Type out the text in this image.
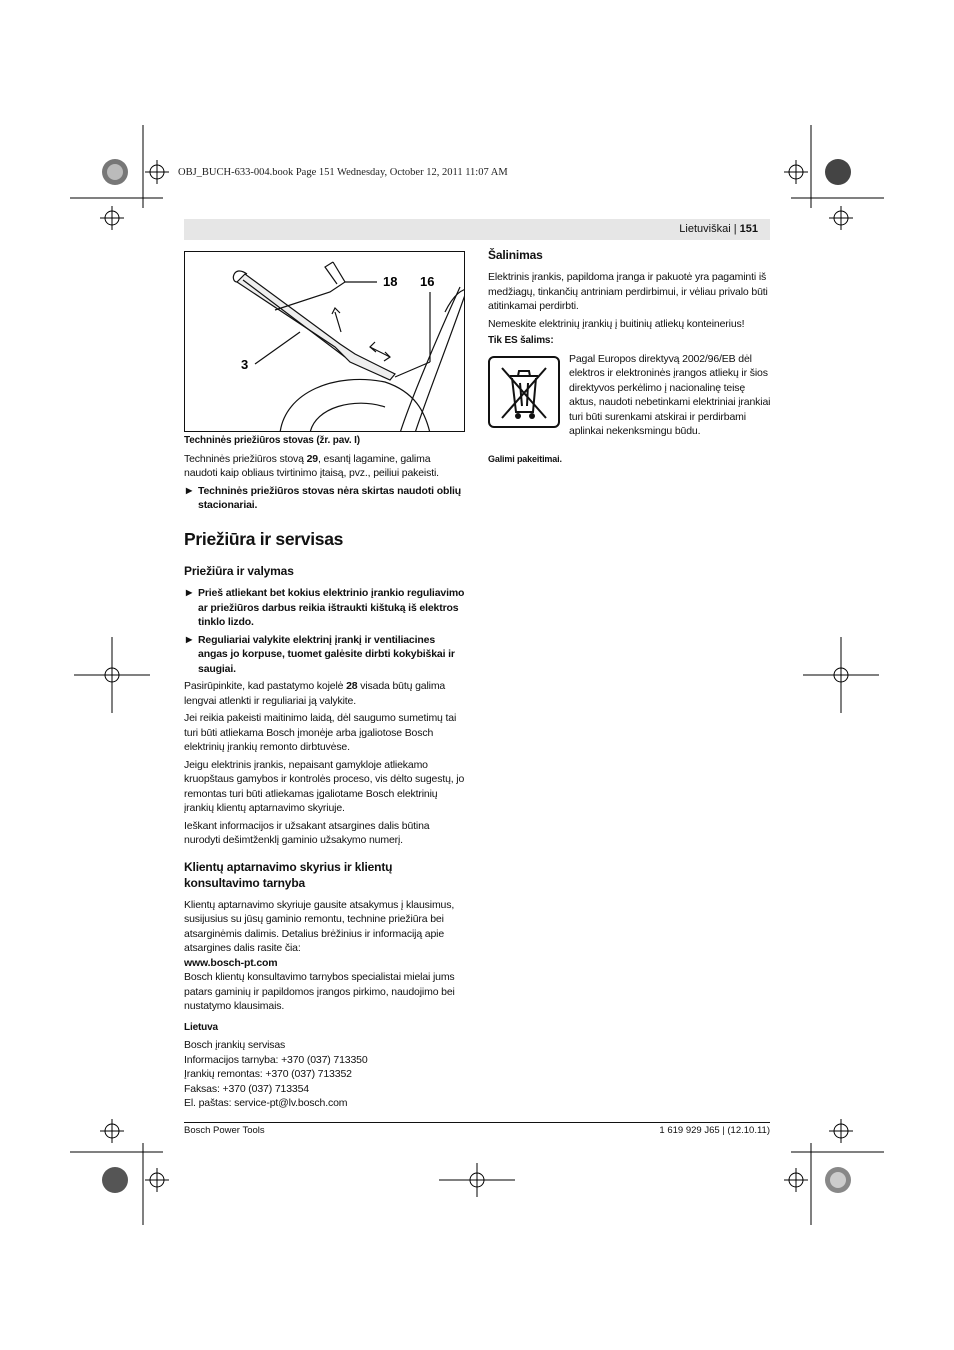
OBJ_BUCH-633-004.book Page 151 Wednesday, October 12, 2011 11:07 AM
Lietuviškai | 151
18 16
3

Techninės priežiūros stovas (žr. pav. I)

Techninės priežiūros stovą 29, esantį lagamine, galima naudoti kaip obliaus tvirtinimo įtaisą, pvz., peiliui pakeisti.

▶ Techninės priežiūros stovas nėra skirtas naudoti oblių stacionariai.

Priežiūra ir servisas

Priežiūra ir valymas

▶ Prieš atliekant bet kokius elektrinio įrankio reguliavimo ar priežiūros darbus reikia ištraukti kištuką iš elektros tinklo lizdo.

▶ Reguliariai valykite elektrinį įrankį ir ventiliacines angas jo korpuse, tuomet galėsite dirbti kokybiškai ir saugiai.

Pasirūpinkite, kad pastatymo kojelė 28 visada būtų galima lengvai atlenkti ir reguliariai ją valykite.

Jei reikia pakeisti maitinimo laidą, dėl saugumo sumetimų tai turi būti atliekama Bosch įmonėje arba įgaliotose Bosch elektrinių įrankių remonto dirbtuvėse.

Jeigu elektrinis įrankis, nepaisant gamykloje atliekamo kruopštaus gamybos ir kontrolės proceso, vis dėlto sugestų, jo remontas turi būti atliekamas įgaliotame Bosch elektrinių įrankių klientų aptarnavimo skyriuje.

Ieškant informacijos ir užsakant atsargines dalis būtina nurodyti dešimtženklį gaminio užsakymo numerį.

Klientų aptarnavimo skyrius ir klientų konsultavimo tarnyba

Klientų aptarnavimo skyriuje gausite atsakymus į klausimus, susijusius su jūsų gaminio remontu, technine priežiūra bei atsarginėmis dalimis. Detalius brėžinius ir informaciją apie atsargines dalis rasite čia:

www.bosch-pt.com

Bosch klientų konsultavimo tarnybos specialistai mielai jums patars gaminių ir papildomos įrangos pirkimo, naudojimo bei nustatymo klausimais.

Lietuva

Bosch įrankių servisas
Informacijos tarnyba: +370 (037) 713350
Įrankių remontas: +370 (037) 713352
Faksas: +370 (037) 713354
El. paštas: service-pt@lv.bosch.com

Šalinimas

Elektrinis įrankis, papildoma įranga ir pakuotė yra pagaminti iš medžiagų, tinkančių antriniam perdirbimui, ir vėliau privalo būti atitinkamai perdirbti.

Nemeskite elektrinių įrankių į buitinių atliekų konteinerius!

Tik ES šalims:

Pagal Europos direktyvą 2002/96/EB dėl elektros ir elektroninės įrangos atliekų ir šios direktyvos perkėlimo į nacionalinę teisę aktus, naudoti nebetinkami elektriniai įrankiai turi būti surenkami atskirai ir perdirbami aplinkai nekenksmingu būdu.

Galimi pakeitimai.

Bosch Power Tools	1 619 929 J65 | (12.10.11)
